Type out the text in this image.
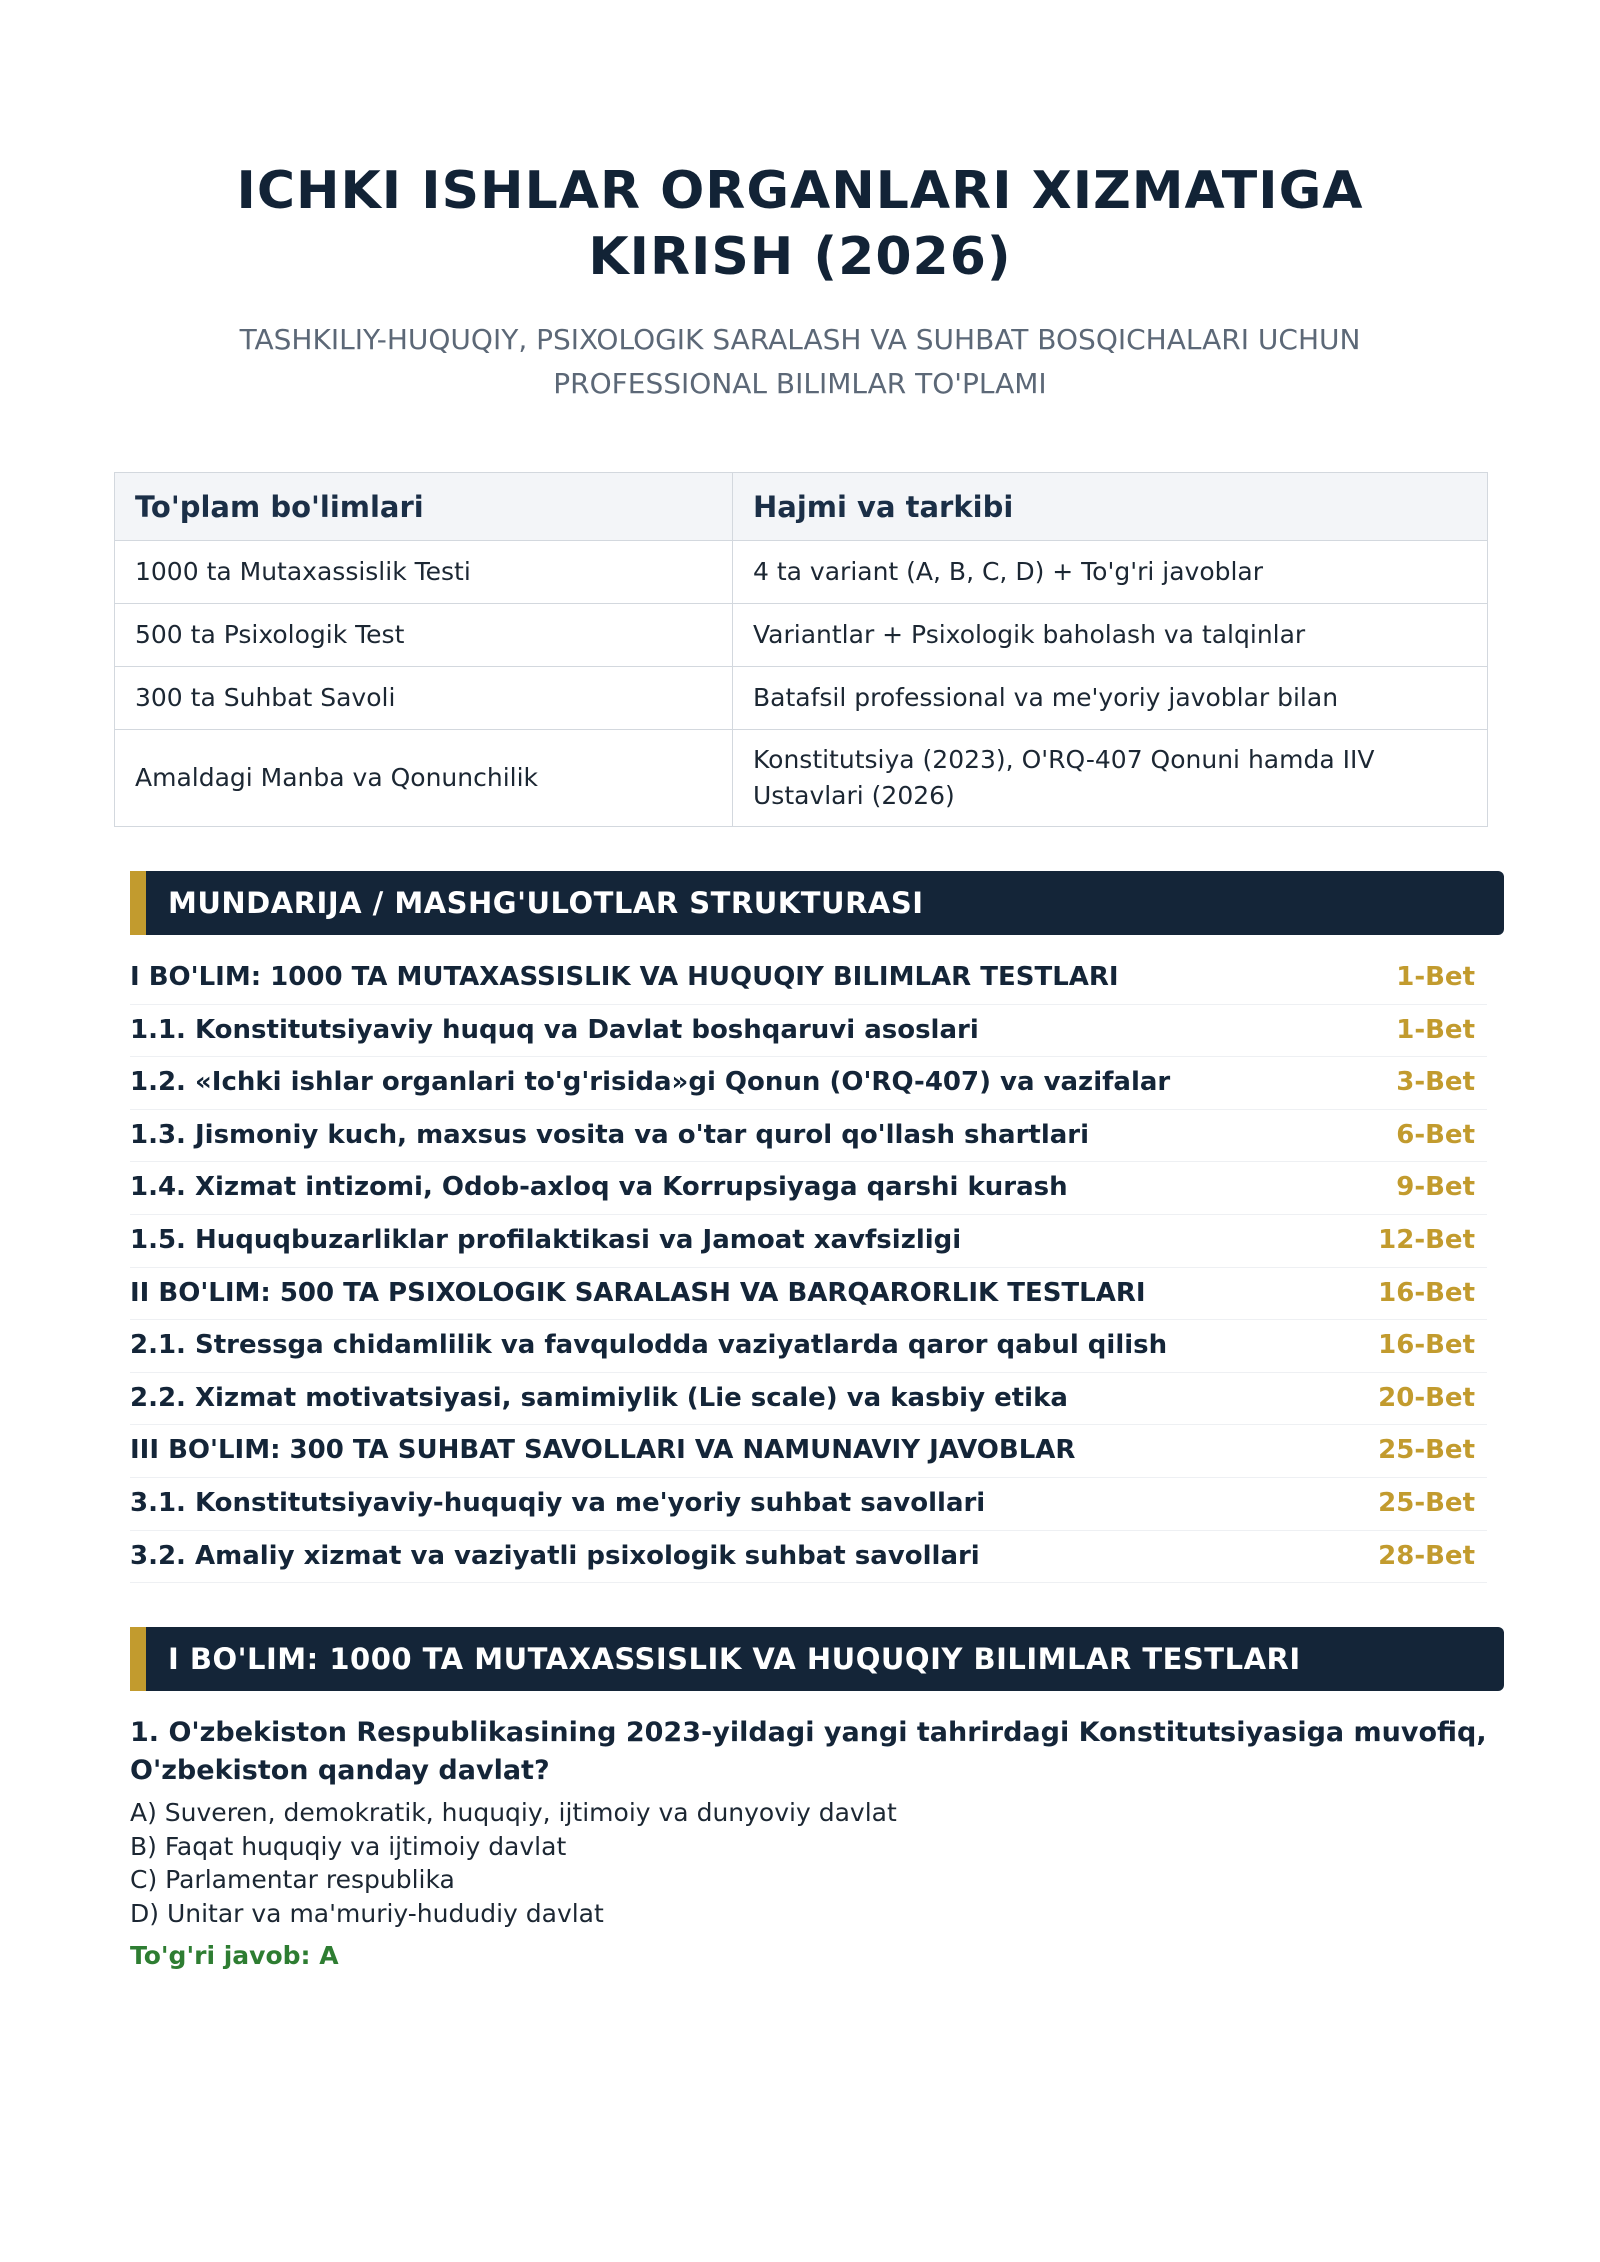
ICHKI ISHLAR ORGANLARI XIZMATIGA
KIRISH (2026)
TASHKILIY-HUQUQIY, PSIXOLOGIK SARALASH VA SUHBAT BOSQICHALARI UCHUN
PROFESSIONAL BILIMLAR TO'PLAMI
To'plam bo'limlari	Hajmi va tarkibi
1000 ta Mutaxassislik Testi	4 ta variant (A, B, C, D) + To'g'ri javoblar
500 ta Psixologik Test	Variantlar + Psixologik baholash va talqinlar
300 ta Suhbat Savoli	Batafsil professional va me'yoriy javoblar bilan
Amaldagi Manba va Qonunchilik	Konstitutsiya (2023), O'RQ-407 Qonuni hamda IIV
Ustavlari (2026)
MUNDARIJA / MASHG'ULOTLAR STRUKTURASI
I BO'LIM: 1000 TA MUTAXASSISLIK VA HUQUQIY BILIMLAR TESTLARI	1-Bet
1.1. Konstitutsiyaviy huquq va Davlat boshqaruvi asoslari	1-Bet
1.2. «Ichki ishlar organlari to'g'risida»gi Qonun (O'RQ-407) va vazifalar	3-Bet
1.3. Jismoniy kuch, maxsus vosita va o'tar qurol qo'llash shartlari	6-Bet
1.4. Xizmat intizomi, Odob-axloq va Korrupsiyaga qarshi kurash	9-Bet
1.5. Huquqbuzarliklar profilaktikasi va Jamoat xavfsizligi	12-Bet
II BO'LIM: 500 TA PSIXOLOGIK SARALASH VA BARQARORLIK TESTLARI	16-Bet
2.1. Stressga chidamlilik va favqulodda vaziyatlarda qaror qabul qilish	16-Bet
2.2. Xizmat motivatsiyasi, samimiylik (Lie scale) va kasbiy etika	20-Bet
III BO'LIM: 300 TA SUHBAT SAVOLLARI VA NAMUNAVIY JAVOBLAR	25-Bet
3.1. Konstitutsiyaviy-huquqiy va me'yoriy suhbat savollari	25-Bet
3.2. Amaliy xizmat va vaziyatli psixologik suhbat savollari	28-Bet
I BO'LIM: 1000 TA MUTAXASSISLIK VA HUQUQIY BILIMLAR TESTLARI

1. O'zbekiston Respublikasining 2023-yildagi yangi tahrirdagi Konstitutsiyasiga muvofiq,
O'zbekiston qanday davlat?

A) Suveren, demokratik, huquqiy, ijtimoiy va dunyoviy davlat
B) Faqat huquqiy va ijtimoiy davlat
C) Parlamentar respublika
D) Unitar va ma'muriy-hududiy davlat
To'g'ri javob: A
